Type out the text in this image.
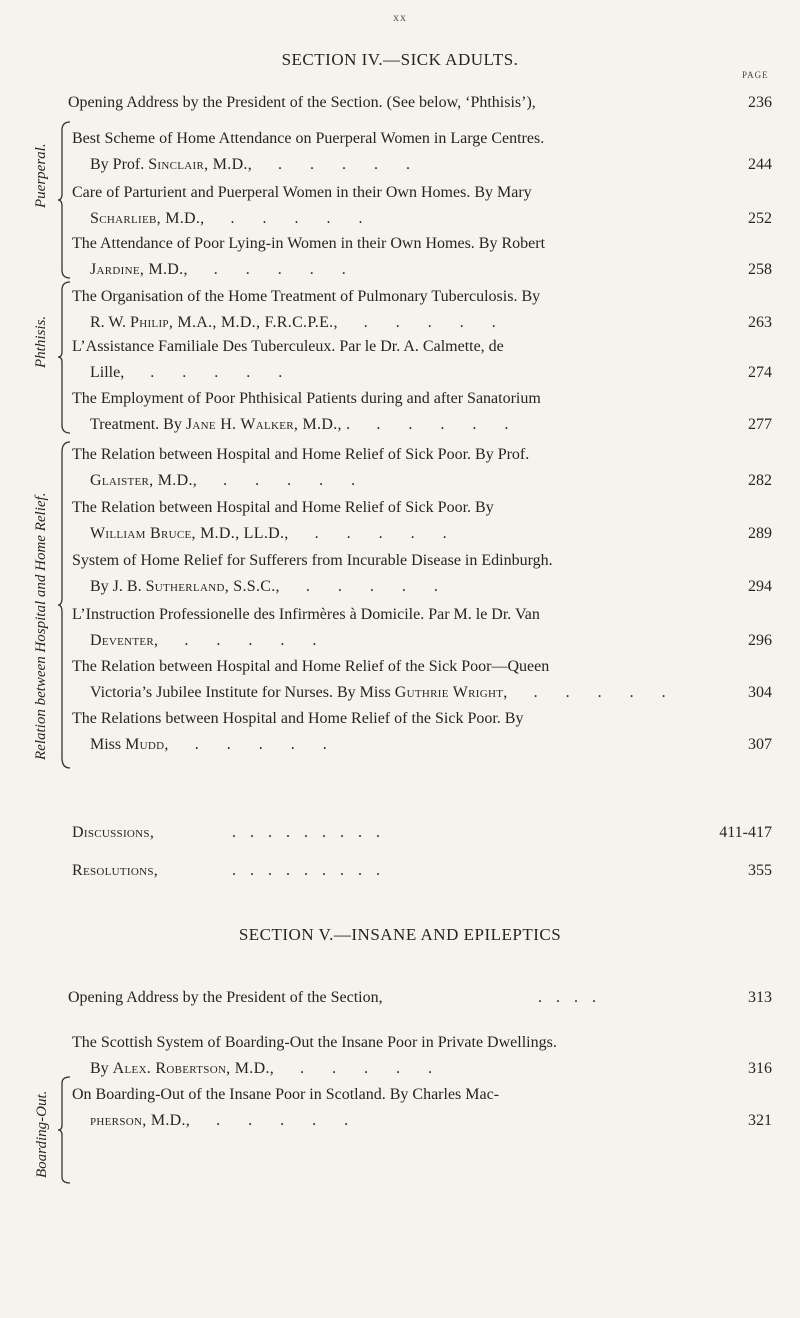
xx
SECTION IV.—SICK ADULTS.
PAGE
Opening Address by the President of the Section. (See below, ‘Phthisis’),	236
Puerperal.
Phthisis.
Relation between Hospital and Home Relief.
Boarding-Out.
Best Scheme of Home Attendance on Puerperal Women in Large Centres.
By Prof. Sinclair, M.D., . . . . .	244
Care of Parturient and Puerperal Women in their Own Homes. By Mary
Scharlieb, M.D., . . . . .	252
The Attendance of Poor Lying-in Women in their Own Homes. By Robert
Jardine, M.D., . . . . .	258
The Organisation of the Home Treatment of Pulmonary Tuberculosis. By
R. W. Philip, M.A., M.D., F.R.C.P.E., . . . . .	263
L’Assistance Familiale Des Tuberculeux. Par le Dr. A. Calmette, de
Lille, . . . . .	274
The Employment of Poor Phthisical Patients during and after Sanatorium
Treatment. By Jane H. Walker, M.D., . . . . . .	277
The Relation between Hospital and Home Relief of Sick Poor. By Prof.
Glaister, M.D., . . . . .	282
The Relation between Hospital and Home Relief of Sick Poor. By
William Bruce, M.D., LL.D., . . . . .	289
System of Home Relief for Sufferers from Incurable Disease in Edinburgh.
By J. B. Sutherland, S.S.C., . . . . .	294
L’Instruction Professionelle des Infirmères à Domicile. Par M. le Dr. Van
Deventer, . . . . .	296
The Relation between Hospital and Home Relief of the Sick Poor—Queen
Victoria’s Jubilee Institute for Nurses. By Miss Guthrie Wright, . . . . .	304
The Relations between Hospital and Home Relief of the Sick Poor. By
Miss Mudd, . . . . .	307
Discussions,	.........	411-417
Resolutions,	.........	355
SECTION V.—INSANE AND EPILEPTICS
Opening Address by the President of the Section,	....	313
The Scottish System of Boarding-Out the Insane Poor in Private Dwellings.
By Alex. Robertson, M.D., . . . . .	316
On Boarding-Out of the Insane Poor in Scotland. By Charles Mac-
pherson, M.D., . . . . .	321
